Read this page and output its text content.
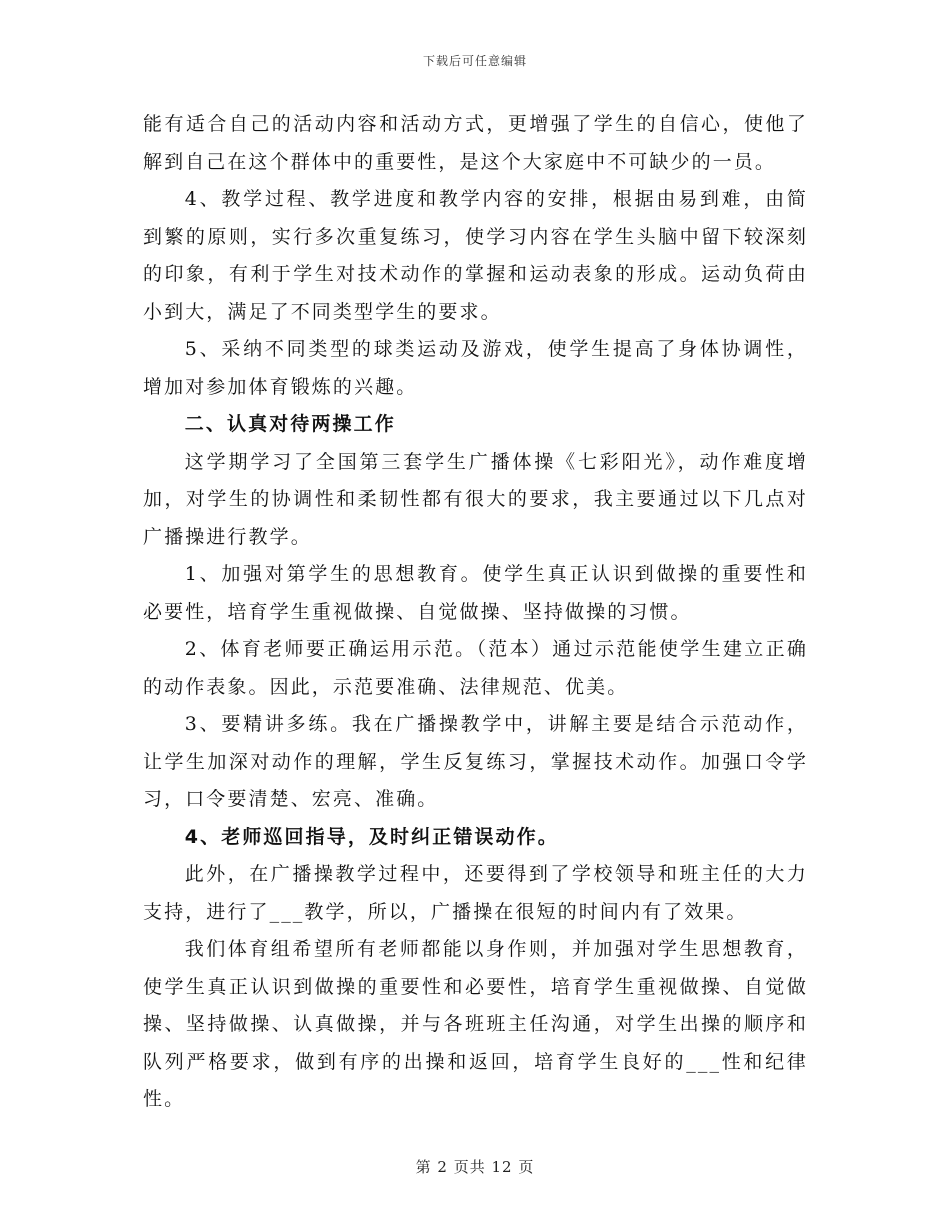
下载后可任意编辑

能有适合自己的活动内容和活动方式，更增强了学生的自信心，使他了解到自己在这个群体中的重要性，是这个大家庭中不可缺少的一员。

4、教学过程、教学进度和教学内容的安排，根据由易到难，由简到繁的原则，实行多次重复练习，使学习内容在学生头脑中留下较深刻的印象，有利于学生对技术动作的掌握和运动表象的形成。运动负荷由小到大，满足了不同类型学生的要求。

5、采纳不同类型的球类运动及游戏，使学生提高了身体协调性，增加对参加体育锻炼的兴趣。

二、认真对待两操工作

这学期学习了全国第三套学生广播体操《七彩阳光》，动作难度增加，对学生的协调性和柔韧性都有很大的要求，我主要通过以下几点对广播操进行教学。

1、加强对第学生的思想教育。使学生真正认识到做操的重要性和必要性，培育学生重视做操、自觉做操、坚持做操的习惯。

2、体育老师要正确运用示范。（范本）通过示范能使学生建立正确的动作表象。因此，示范要准确、法律规范、优美。

3、要精讲多练。我在广播操教学中，讲解主要是结合示范动作，让学生加深对动作的理解，学生反复练习，掌握技术动作。加强口令学习，口令要清楚、宏亮、准确。

4、老师巡回指导，及时纠正错误动作。

此外，在广播操教学过程中，还要得到了学校领导和班主任的大力支持，进行了___教学，所以，广播操在很短的时间内有了效果。

我们体育组希望所有老师都能以身作则，并加强对学生思想教育，使学生真正认识到做操的重要性和必要性，培育学生重视做操、自觉做操、坚持做操、认真做操，并与各班班主任沟通，对学生出操的顺序和队列严格要求，做到有序的出操和返回，培育学生良好的___性和纪律性。

第 2 页共 12 页
